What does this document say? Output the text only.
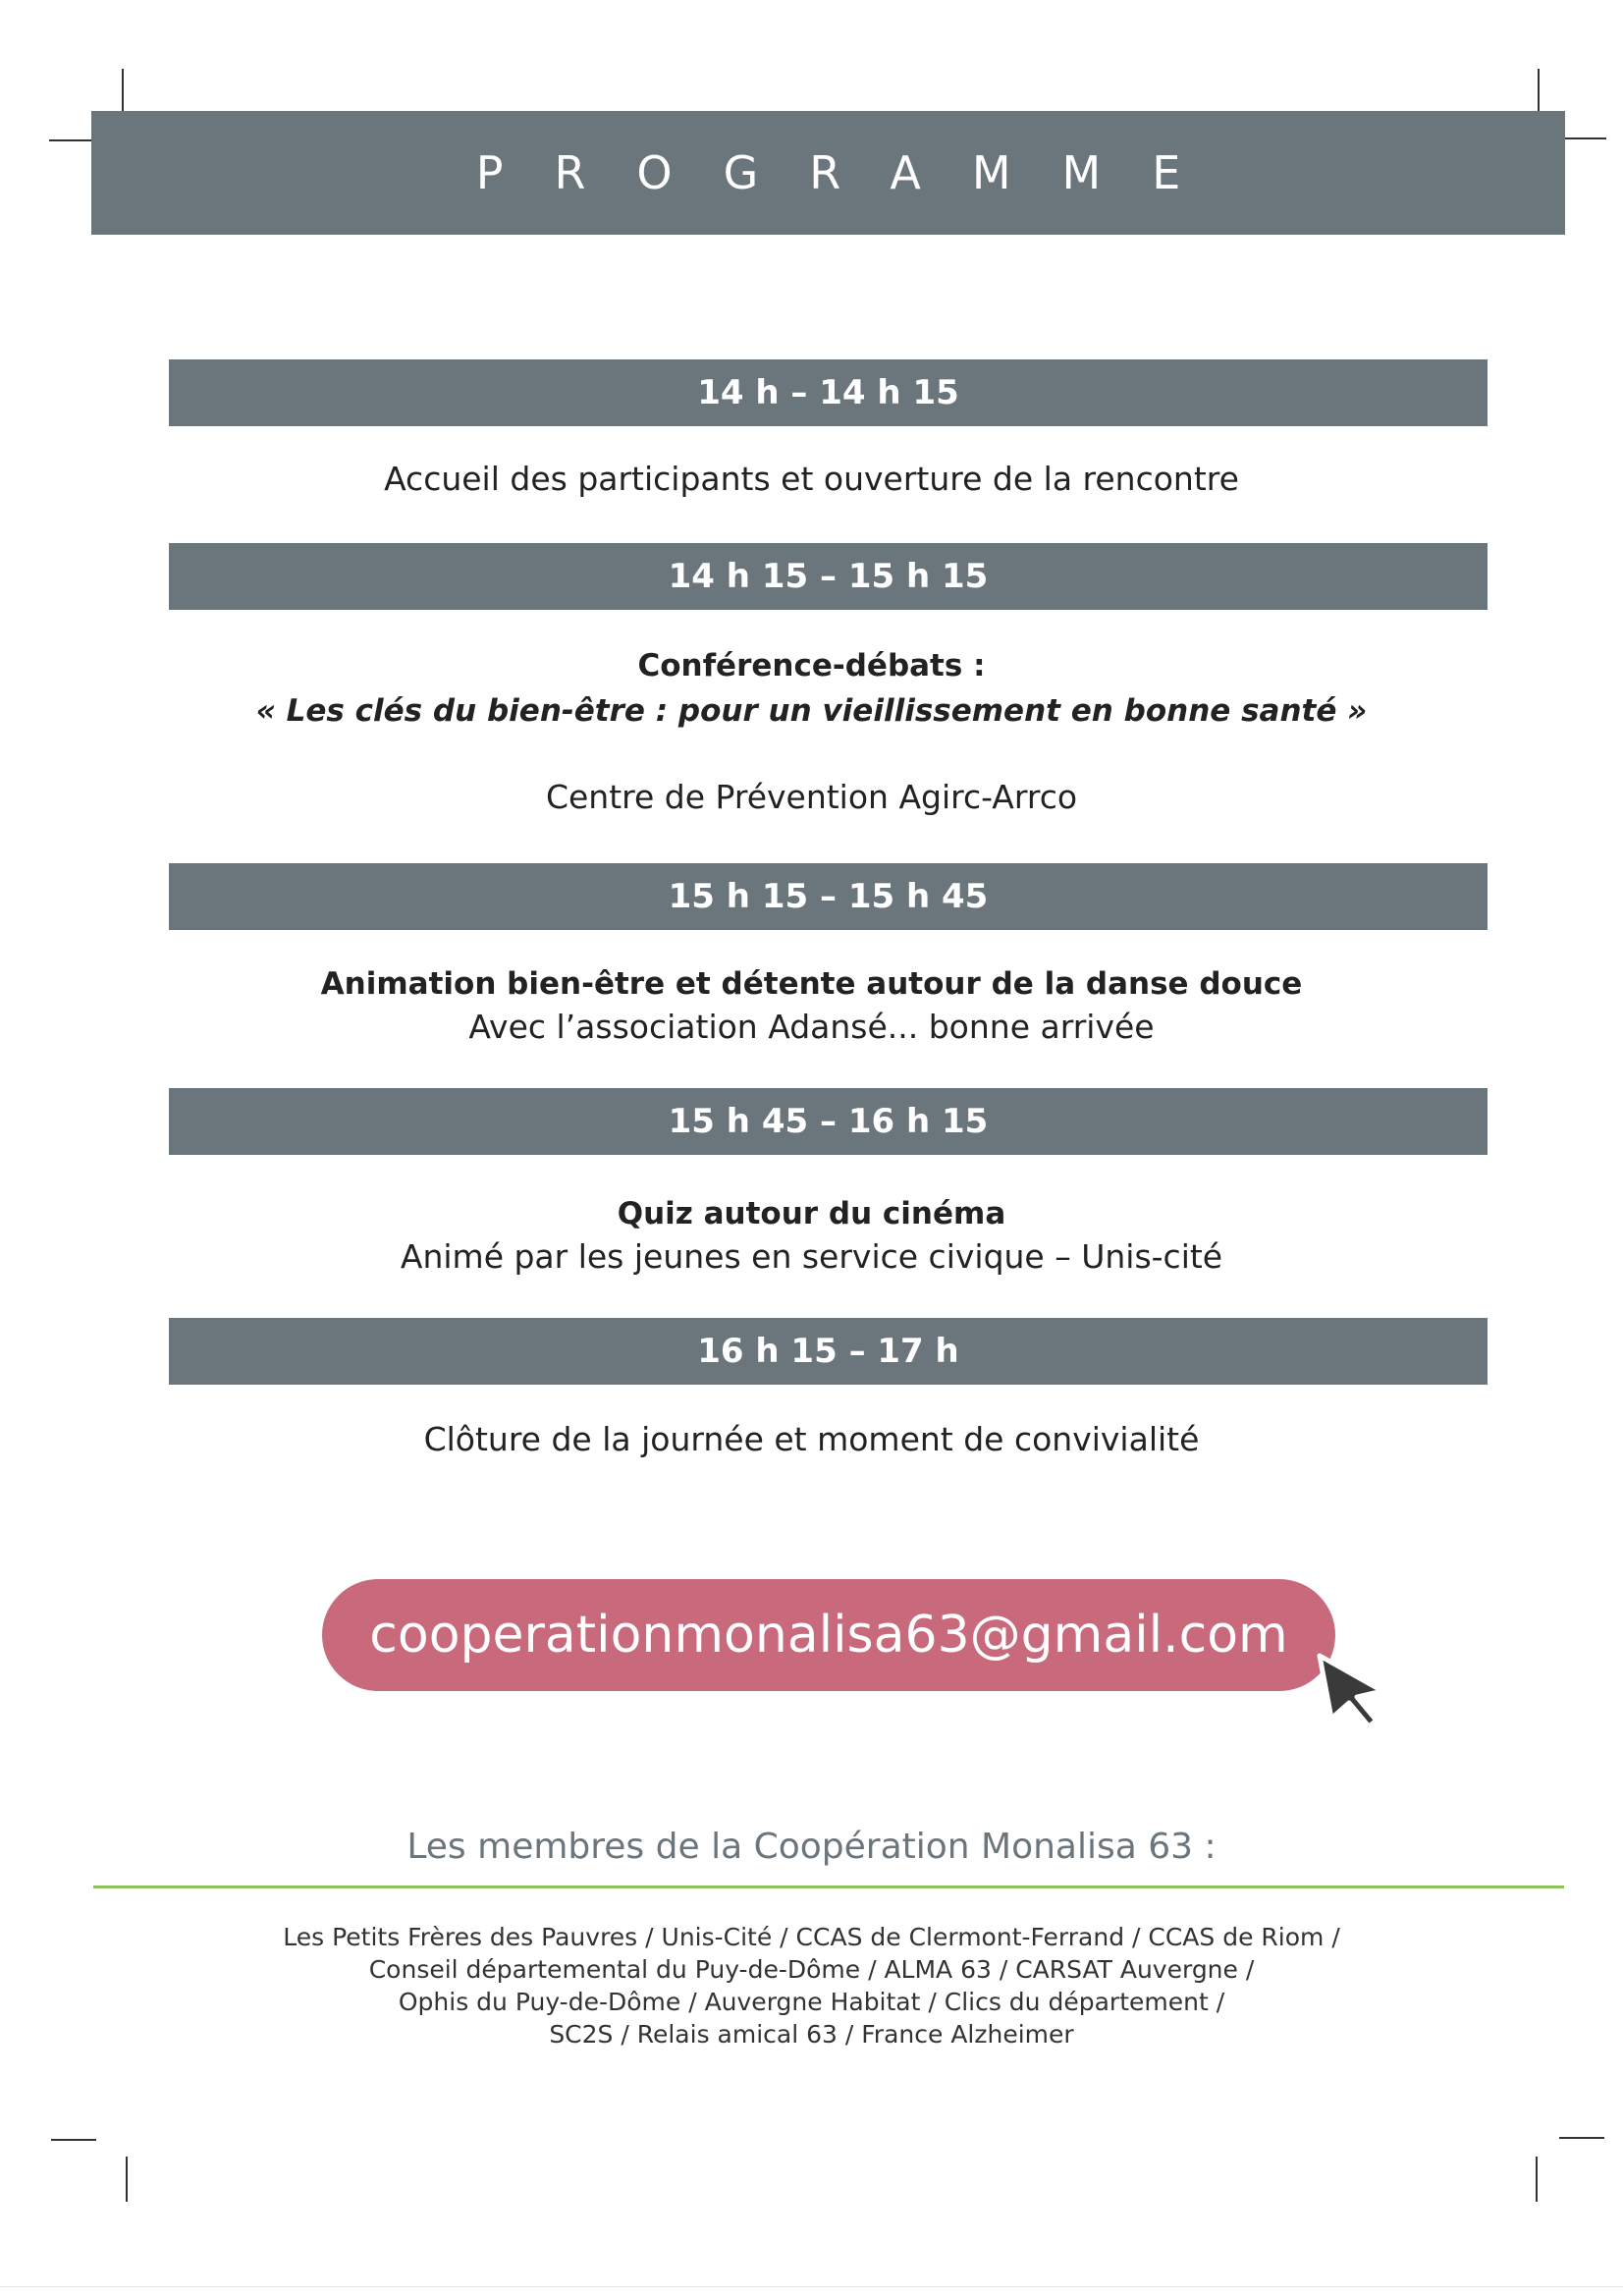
PROGRAMME
14 h – 14 h 15
Accueil des participants et ouverture de la rencontre
14 h 15 – 15 h 15
Conférence-débats :
« Les clés du bien-être : pour un vieillissement en bonne santé »
Centre de Prévention Agirc-Arrco
15 h 15 – 15 h 45
Animation bien-être et détente autour de la danse douce
Avec l’association Adansé... bonne arrivée
15 h 45 – 16 h 15
Quiz autour du cinéma
Animé par les jeunes en service civique – Unis-cité
16 h 15 – 17 h
Clôture de la journée et moment de convivialité
cooperationmonalisa63@gmail.com
Les membres de la Coopération Monalisa 63 :
Les Petits Frères des Pauvres / Unis-Cité / CCAS de Clermont-Ferrand / CCAS de Riom /
Conseil départemental du Puy-de-Dôme / ALMA 63 / CARSAT Auvergne /
Ophis du Puy-de-Dôme / Auvergne Habitat / Clics du département /
SC2S / Relais amical 63 / France Alzheimer
